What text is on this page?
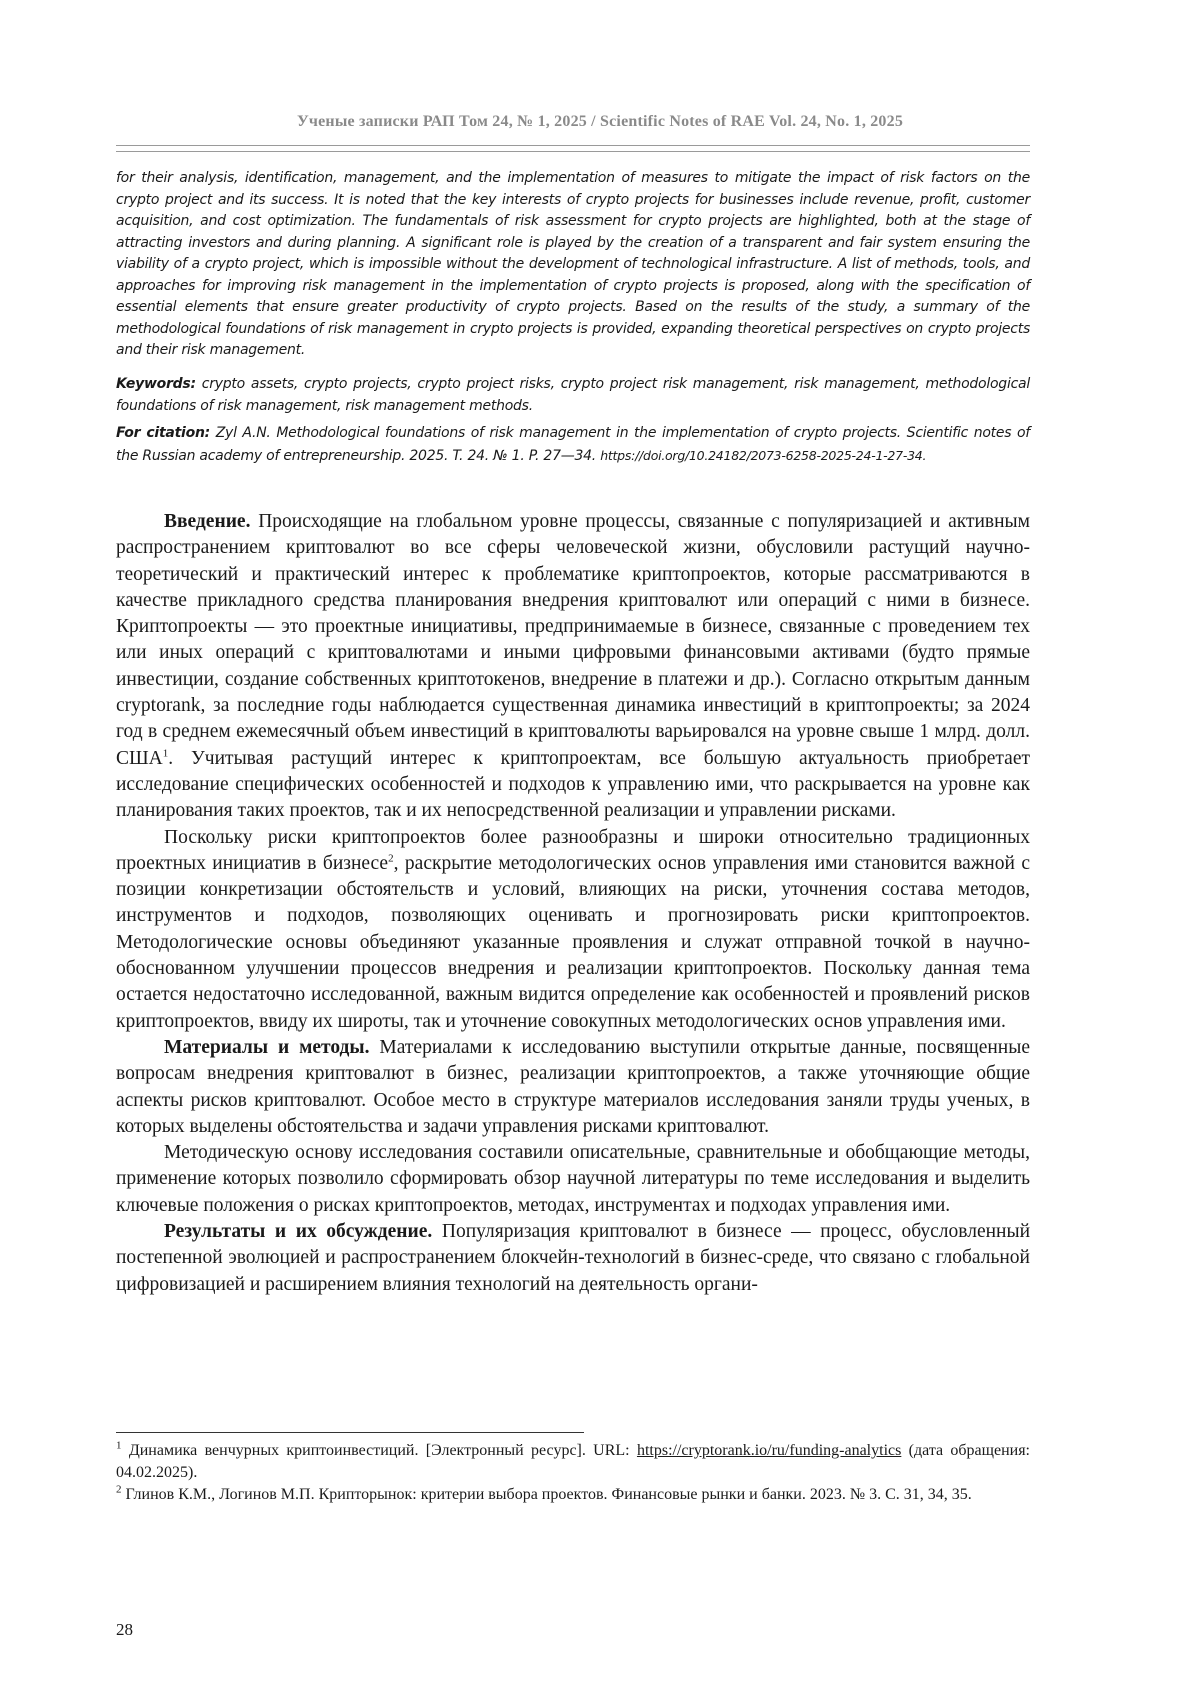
Ученые записки РАП Том 24, № 1, 2025 / Scientific Notes of RAE Vol. 24, No. 1, 2025

for their analysis, identification, management, and the implementation of measures to mitigate the impact of risk factors on the crypto project and its success. It is noted that the key interests of crypto projects for businesses include revenue, profit, customer acquisition, and cost optimization. The fundamentals of risk assessment for crypto projects are highlighted, both at the stage of attracting investors and during planning. A significant role is played by the creation of a transparent and fair system ensuring the viability of a crypto project, which is impossible without the development of technological infrastructure. A list of methods, tools, and approaches for improving risk management in the implementation of crypto projects is proposed, along with the specification of essential elements that ensure greater productivity of crypto projects. Based on the results of the study, a summary of the methodological foundations of risk management in crypto projects is provided, expanding theoretical perspectives on crypto projects and their risk management.

Keywords: crypto assets, crypto projects, crypto project risks, crypto project risk management, risk management, methodological foundations of risk management, risk management methods.

For citation: Zyl A.N. Methodological foundations of risk management in the implementation of crypto projects. Scientific notes of the Russian academy of entrepreneurship. 2025. T. 24. № 1. P. 27—34. https://doi.org/10.24182/2073-6258-2025-24-1-27-34.

Введение. Происходящие на глобальном уровне процессы, связанные с популяризацией и активным распространением криптовалют во все сферы человеческой жизни, обусловили растущий научно-теоретический и практический интерес к проблематике криптопроектов, которые рассматриваются в качестве прикладного средства планирования внедрения криптовалют или операций с ними в бизнесе. Криптопроекты — это проектные инициативы, предпринимаемые в бизнесе, связанные с проведением тех или иных операций с криптовалютами и иными цифровыми финансовыми активами (будто прямые инвестиции, создание собственных криптотокенов, внедрение в платежи и др.). Согласно открытым данным cryptorank, за последние годы наблюдается существенная динамика инвестиций в криптопроекты; за 2024 год в среднем ежемесячный объем инвестиций в криптовалюты варьировался на уровне свыше 1 млрд. долл. США$^1$. Учитывая растущий интерес к криптопроектам, все большую актуальность приобретает исследование специфических особенностей и подходов к управлению ими, что раскрывается на уровне как планирования таких проектов, так и их непосредственной реализации и управлении рисками.

Поскольку риски криптопроектов более разнообразны и широки относительно традиционных проектных инициатив в бизнесе$^2$, раскрытие методологических основ управления ими становится важной с позиции конкретизации обстоятельств и условий, влияющих на риски, уточнения состава методов, инструментов и подходов, позволяющих оценивать и прогнозировать риски криптопроектов. Методологические основы объединяют указанные проявления и служат отправной точкой в научно-обоснованном улучшении процессов внедрения и реализации криптопроектов. Поскольку данная тема остается недостаточно исследованной, важным видится определение как особенностей и проявлений рисков криптопроектов, ввиду их широты, так и уточнение совокупных методологических основ управления ими.

Материалы и методы. Материалами к исследованию выступили открытые данные, посвященные вопросам внедрения криптовалют в бизнес, реализации криптопроектов, а также уточняющие общие аспекты рисков криптовалют. Особое место в структуре материалов исследования заняли труды ученых, в которых выделены обстоятельства и задачи управления рисками криптовалют.

Методическую основу исследования составили описательные, сравнительные и обобщающие методы, применение которых позволило сформировать обзор научной литературы по теме исследования и выделить ключевые положения о рисках криптопроектов, методах, инструментах и подходах управления ими.

Результаты и их обсуждение. Популяризация криптовалют в бизнесе — процесс, обусловленный постепенной эволюцией и распространением блокчейн-технологий в бизнес-среде, что связано с глобальной цифровизацией и расширением влияния технологий на деятельность органи-

$^1$ Динамика венчурных криптоинвестиций. [Электронный ресурс]. URL: https://cryptorank.io/ru/funding-analytics (дата обращения: 04.02.2025).

$^2$ Глинов К.М., Логинов М.П. Крипторынок: критерии выбора проектов. Финансовые рынки и банки. 2023. № 3. С. 31, 34, 35.

28
